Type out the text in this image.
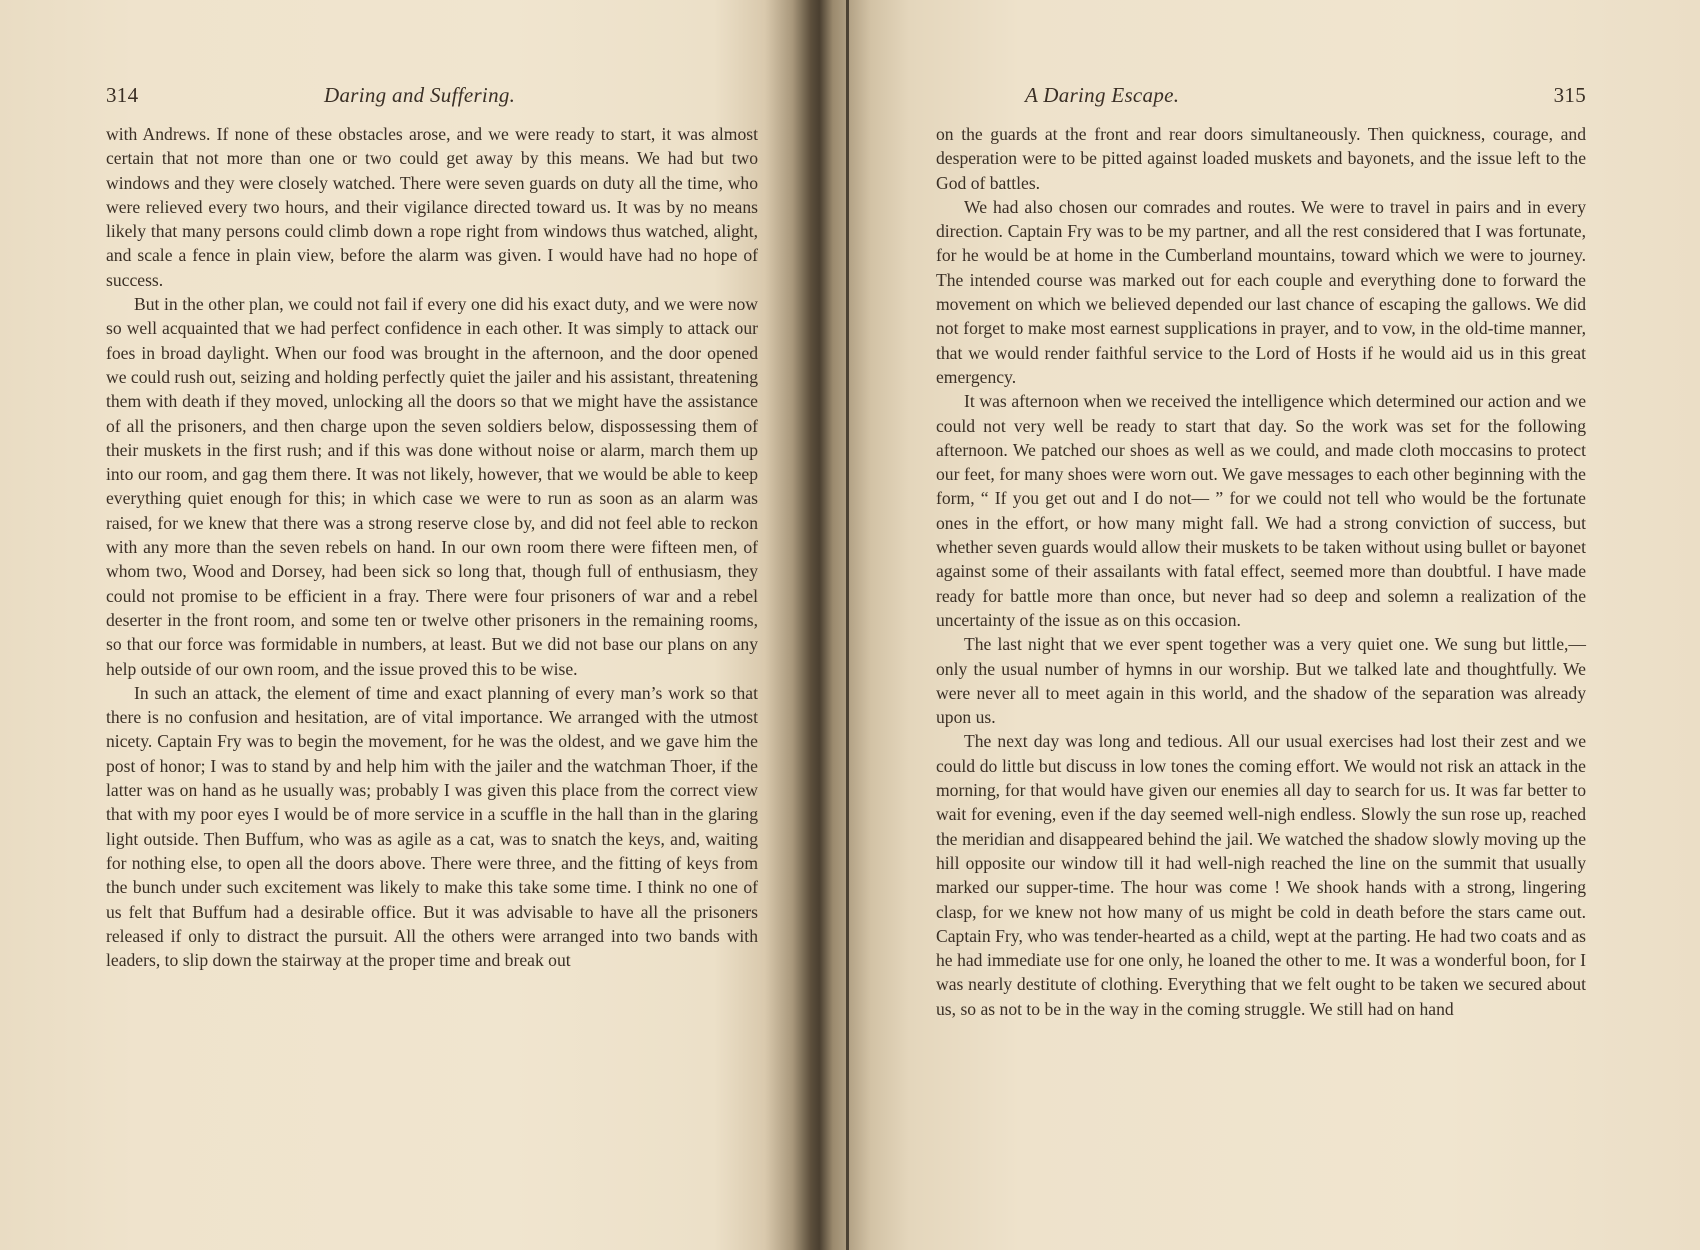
314	Daring and Suffering.

with Andrews. If none of these obstacles arose, and we were ready to start, it was almost certain that not more than one or two could get away by this means. We had but two windows and they were closely watched. There were seven guards on duty all the time, who were relieved every two hours, and their vigilance directed toward us. It was by no means likely that many persons could climb down a rope right from windows thus watched, alight, and scale a fence in plain view, before the alarm was given. I would have had no hope of success.

But in the other plan, we could not fail if every one did his exact duty, and we were now so well acquainted that we had perfect confidence in each other. It was simply to attack our foes in broad daylight. When our food was brought in the afternoon, and the door opened we could rush out, seizing and holding perfectly quiet the jailer and his assistant, threatening them with death if they moved, unlocking all the doors so that we might have the assistance of all the prisoners, and then charge upon the seven soldiers below, dispossessing them of their muskets in the first rush; and if this was done without noise or alarm, march them up into our room, and gag them there. It was not likely, however, that we would be able to keep everything quiet enough for this; in which case we were to run as soon as an alarm was raised, for we knew that there was a strong reserve close by, and did not feel able to reckon with any more than the seven rebels on hand. In our own room there were fifteen men, of whom two, Wood and Dorsey, had been sick so long that, though full of enthusiasm, they could not promise to be efficient in a fray. There were four prisoners of war and a rebel deserter in the front room, and some ten or twelve other prisoners in the remaining rooms, so that our force was formidable in numbers, at least. But we did not base our plans on any help outside of our own room, and the issue proved this to be wise.

In such an attack, the element of time and exact planning of every man’s work so that there is no confusion and hesitation, are of vital importance. We arranged with the utmost nicety. Captain Fry was to begin the movement, for he was the oldest, and we gave him the post of honor; I was to stand by and help him with the jailer and the watchman Thoer, if the latter was on hand as he usually was; probably I was given this place from the correct view that with my poor eyes I would be of more service in a scuffle in the hall than in the glaring light outside. Then Buffum, who was as agile as a cat, was to snatch the keys, and, waiting for nothing else, to open all the doors above. There were three, and the fitting of keys from the bunch under such excitement was likely to make this take some time. I think no one of us felt that Buffum had a desirable office. But it was advisable to have all the prisoners released if only to distract the pursuit. All the others were arranged into two bands with leaders, to slip down the stairway at the proper time and break out

A Daring Escape.	315

on the guards at the front and rear doors simultaneously. Then quickness, courage, and desperation were to be pitted against loaded muskets and bayonets, and the issue left to the God of battles.

We had also chosen our comrades and routes. We were to travel in pairs and in every direction. Captain Fry was to be my partner, and all the rest considered that I was fortunate, for he would be at home in the Cumberland mountains, toward which we were to journey. The intended course was marked out for each couple and everything done to forward the movement on which we believed depended our last chance of escaping the gallows. We did not forget to make most earnest supplications in prayer, and to vow, in the old-time manner, that we would render faithful service to the Lord of Hosts if he would aid us in this great emergency.

It was afternoon when we received the intelligence which determined our action and we could not very well be ready to start that day. So the work was set for the following afternoon. We patched our shoes as well as we could, and made cloth moccasins to protect our feet, for many shoes were worn out. We gave messages to each other beginning with the form, “ If you get out and I do not— ” for we could not tell who would be the fortunate ones in the effort, or how many might fall. We had a strong conviction of success, but whether seven guards would allow their muskets to be taken without using bullet or bayonet against some of their assailants with fatal effect, seemed more than doubtful. I have made ready for battle more than once, but never had so deep and solemn a realization of the uncertainty of the issue as on this occasion.

The last night that we ever spent together was a very quiet one. We sung but little,—only the usual number of hymns in our worship. But we talked late and thoughtfully. We were never all to meet again in this world, and the shadow of the separation was already upon us.

The next day was long and tedious. All our usual exercises had lost their zest and we could do little but discuss in low tones the coming effort. We would not risk an attack in the morning, for that would have given our enemies all day to search for us. It was far better to wait for evening, even if the day seemed well-nigh endless. Slowly the sun rose up, reached the meridian and disappeared behind the jail. We watched the shadow slowly moving up the hill opposite our window till it had well-nigh reached the line on the summit that usually marked our supper-time. The hour was come ! We shook hands with a strong, lingering clasp, for we knew not how many of us might be cold in death before the stars came out. Captain Fry, who was tender-hearted as a child, wept at the parting. He had two coats and as he had immediate use for one only, he loaned the other to me. It was a wonderful boon, for I was nearly destitute of clothing. Everything that we felt ought to be taken we secured about us, so as not to be in the way in the coming struggle. We still had on hand
